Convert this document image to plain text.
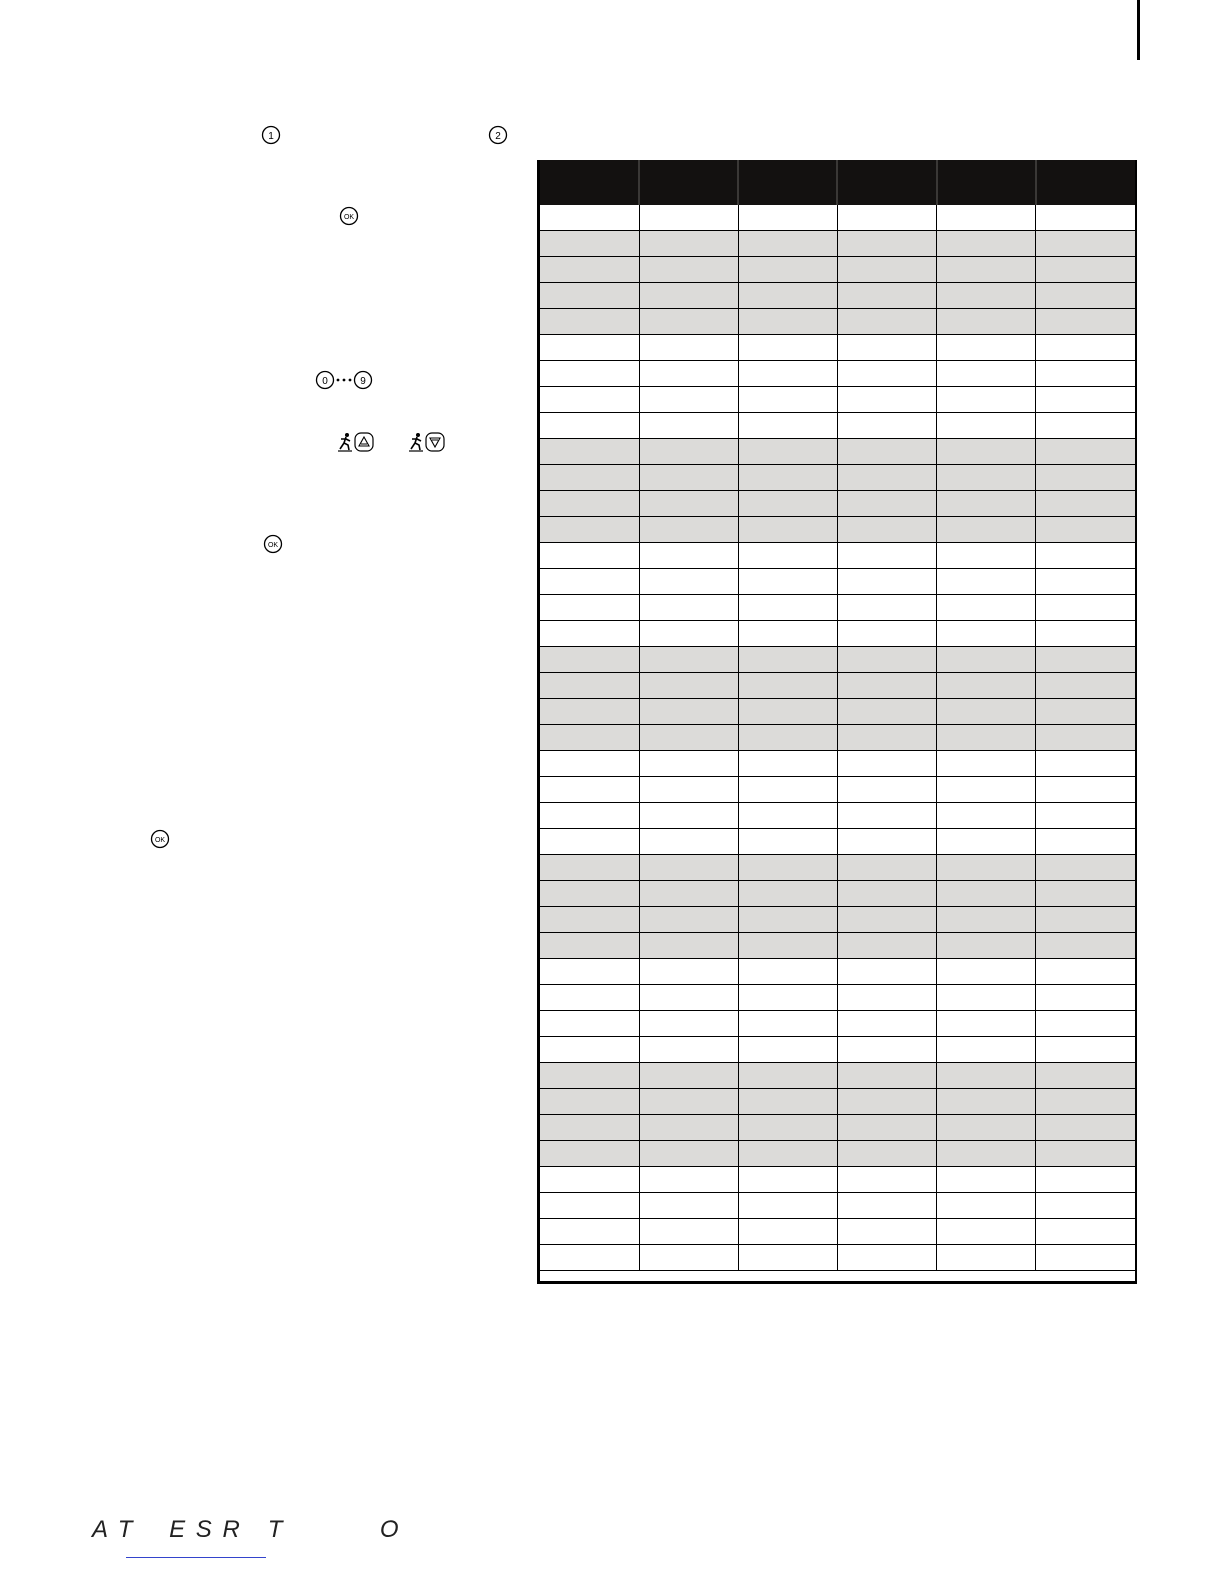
1	2
OK
OK
OK
0	9

A T    E S R   T           O
